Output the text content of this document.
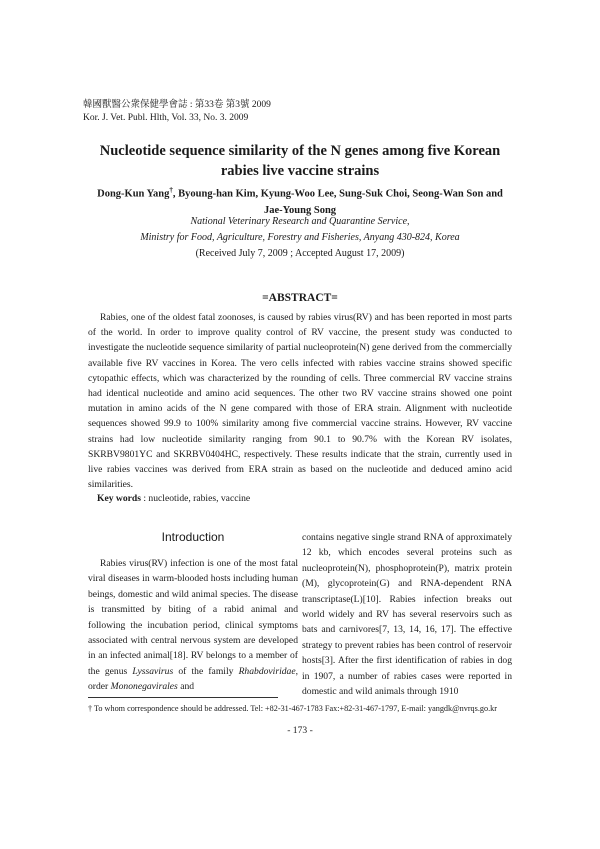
韓國獸醫公衆保健學會誌 : 第33卷 第3號 2009
Kor. J. Vet. Publ. Hlth, Vol. 33, No. 3. 2009
Nucleotide sequence similarity of the N genes among five Korean
rabies live vaccine strains
Dong-Kun Yang†, Byoung-han Kim, Kyung-Woo Lee, Sung-Suk Choi, Seong-Wan Son and
Jae-Young Song
National Veterinary Research and Quarantine Service,
Ministry for Food, Agriculture, Forestry and Fisheries, Anyang 430-824, Korea
(Received July 7, 2009 ; Accepted August 17, 2009)
=ABSTRACT=
Rabies, one of the oldest fatal zoonoses, is caused by rabies virus(RV) and has been reported in most parts of the world. In order to improve quality control of RV vaccine, the present study was conducted to investigate the nucleotide sequence similarity of partial nucleoprotein(N) gene derived from the commercially available five RV vaccines in Korea. The vero cells infected with rabies vaccine strains showed specific cytopathic effects, which was characterized by the rounding of cells. Three commercial RV vaccine strains had identical nucleotide and amino acid sequences. The other two RV vaccine strains showed one point mutation in amino acids of the N gene compared with those of ERA strain. Alignment with nucleotide sequences showed 99.9 to 100% similarity among five commercial vaccine strains. However, RV vaccine strains had low nucleotide similarity ranging from 90.1 to 90.7% with the Korean RV isolates, SKRBV9801YC and SKRBV0404HC, respectively. These results indicate that the strain, currently used in live rabies vaccines was derived from ERA strain as based on the nucleotide and deduced amino acid similarities.
Key words : nucleotide, rabies, vaccine
Introduction
Rabies virus(RV) infection is one of the most fatal viral diseases in warm-blooded hosts including human beings, domestic and wild animal species. The disease is transmitted by biting of a rabid animal and following the incubation period, clinical symptoms associated with central nervous system are developed in an infected animal[18]. RV belongs to a member of the genus Lyssavirus of the family Rhabdoviridae, order Mononegavirales and

contains negative single strand RNA of approximately 12 kb, which encodes several proteins such as nucleoprotein(N), phosphoprotein(P), matrix protein (M), glycoprotein(G) and RNA-dependent RNA transcriptase(L)[10]. Rabies infection breaks out world widely and RV has several reservoirs such as bats and carnivores[7, 13, 14, 16, 17]. The effective strategy to prevent rabies has been control of reservoir hosts[3]. After the first identification of rabies in dog in 1907, a number of rabies cases were reported in domestic and wild animals through 1910

† To whom correspondence should be addressed. Tel: +82-31-467-1783 Fax:+82-31-467-1797, E-mail: yangdk@nvrqs.go.kr
- 173 -
